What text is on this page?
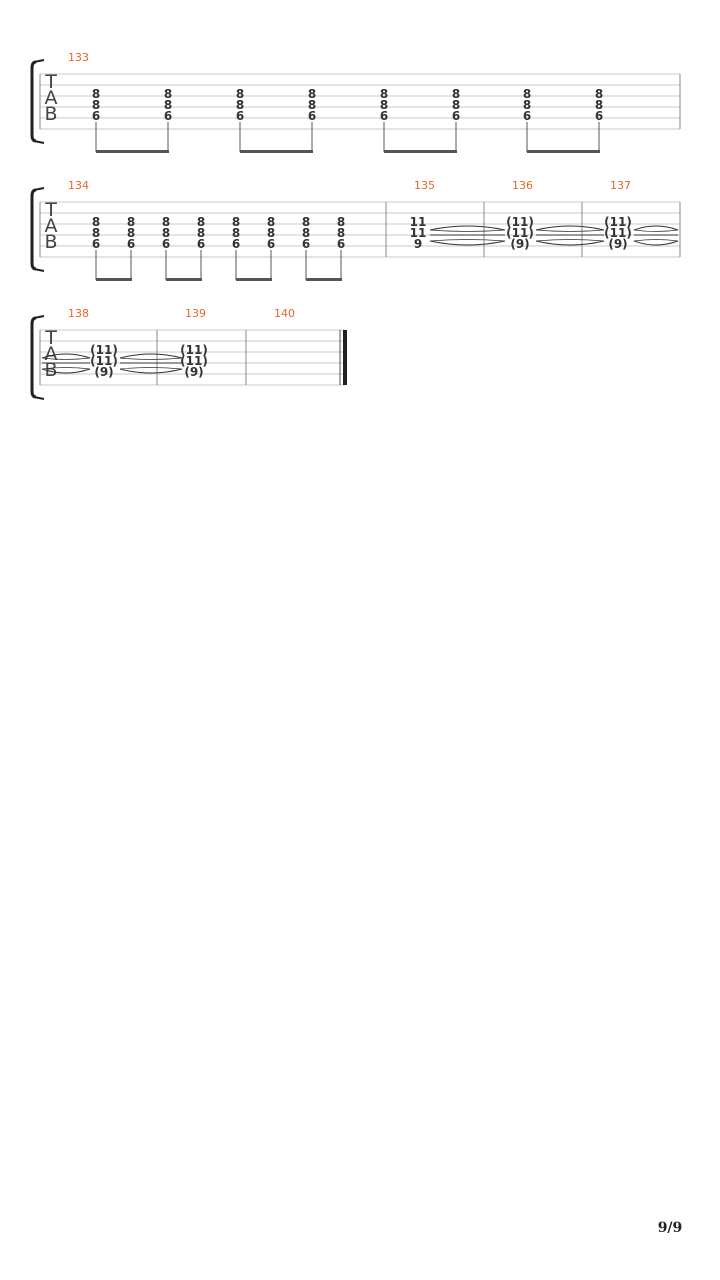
T
A
B
133
8
8
6
8
8
6
8
8
6
8
8
6
8
8
6
8
8
6
8
8
6
8
8
6
T
A
B
134
8
8
6
8
8
6
8
8
6
8
8
6
8
8
6
8
8
6
8
8
6
8
8
6
135
11
11
9
136
(11)
(11)
(9)
137
(11)
(11)
(9)
T
A
B
138
(11)
(11)
(9)
139
(11)
(11)
(9)
140
9/9
